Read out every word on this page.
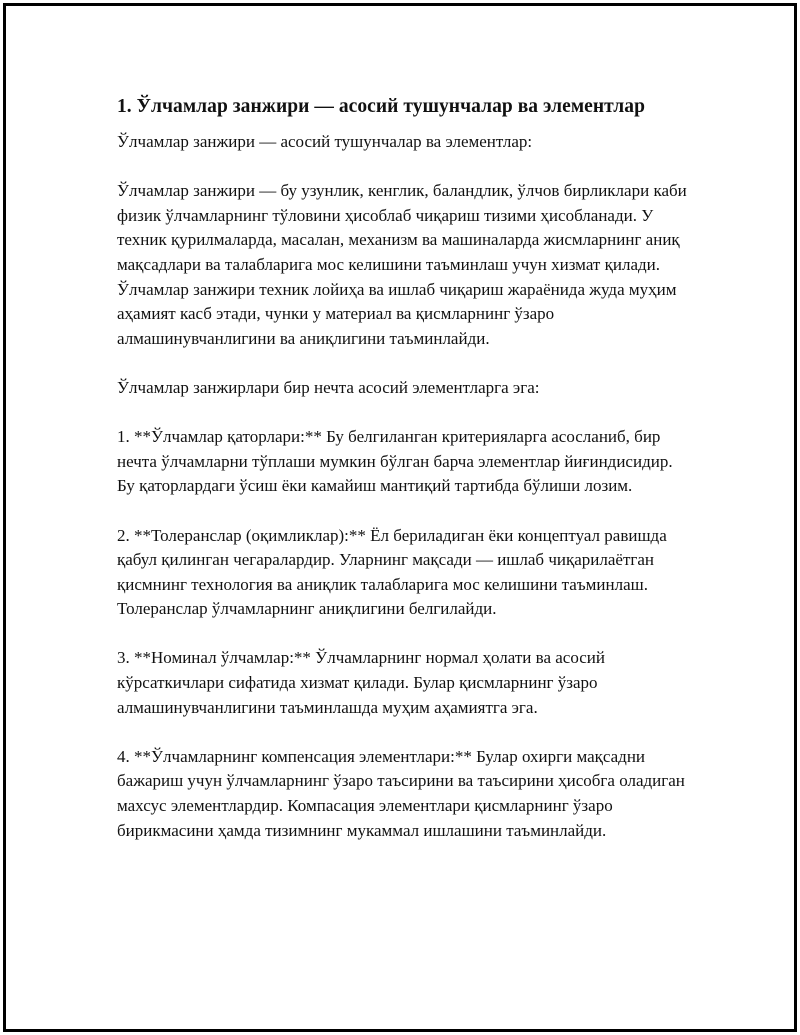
1. Ўлчамлар занжири — асосий тушунчалар ва элементлар

Ўлчамлар занжири — асосий тушунчалар ва элементлар:

Ўлчамлар занжири — бу узунлик, кенглик, баландлик, ўлчов бирликлари каби физик ўлчамларнинг тўловини ҳисоблаб чиқариш тизими ҳисобланади. У техник қурилмаларда, масалан, механизм ва машиналарда жисмларнинг аниқ мақсадлари ва талабларига мос келишини таъминлаш учун хизмат қилади. Ўлчамлар занжири техник лойиҳа ва ишлаб чиқариш жараёнида жуда муҳим аҳамият касб этади, чунки у материал ва қисмларнинг ўзаро алмашинувчанлигини ва аниқлигини таъминлайди.

Ўлчамлар занжирлари бир нечта асосий элементларга эга:

1. **Ўлчамлар қаторлари:** Бу белгиланган критерияларга асосланиб, бир нечта ўлчамларни тўплаши мумкин бўлган барча элементлар йиғиндисидир. Бу қаторлардаги ўсиш ёки камайиш мантиқий тартибда бўлиши лозим.

2. **Толеранслар (оқимликлар):** Ёл бериладиган ёки концептуал равишда қабул қилинган чегаралардир. Уларнинг мақсади — ишлаб чиқарилаётган қисмнинг технология ва аниқлик талабларига мос келишини таъминлаш. Толеранслар ўлчамларнинг аниқлигини белгилайди.

3. **Номинал ўлчамлар:** Ўлчамларнинг нормал ҳолати ва асосий кўрсаткичлари сифатида хизмат қилади. Булар қисмларнинг ўзаро алмашинувчанлигини таъминлашда муҳим аҳамиятга эга.

4. **Ўлчамларнинг компенсация элементлари:** Булар охирги мақсадни бажариш учун ўлчамларнинг ўзаро таъсирини ва таъсирини ҳисобга оладиган махсус элементлардир. Компасация элементлари қисмларнинг ўзаро бирикмасини ҳамда тизимнинг мукаммал ишлашини таъминлайди.
